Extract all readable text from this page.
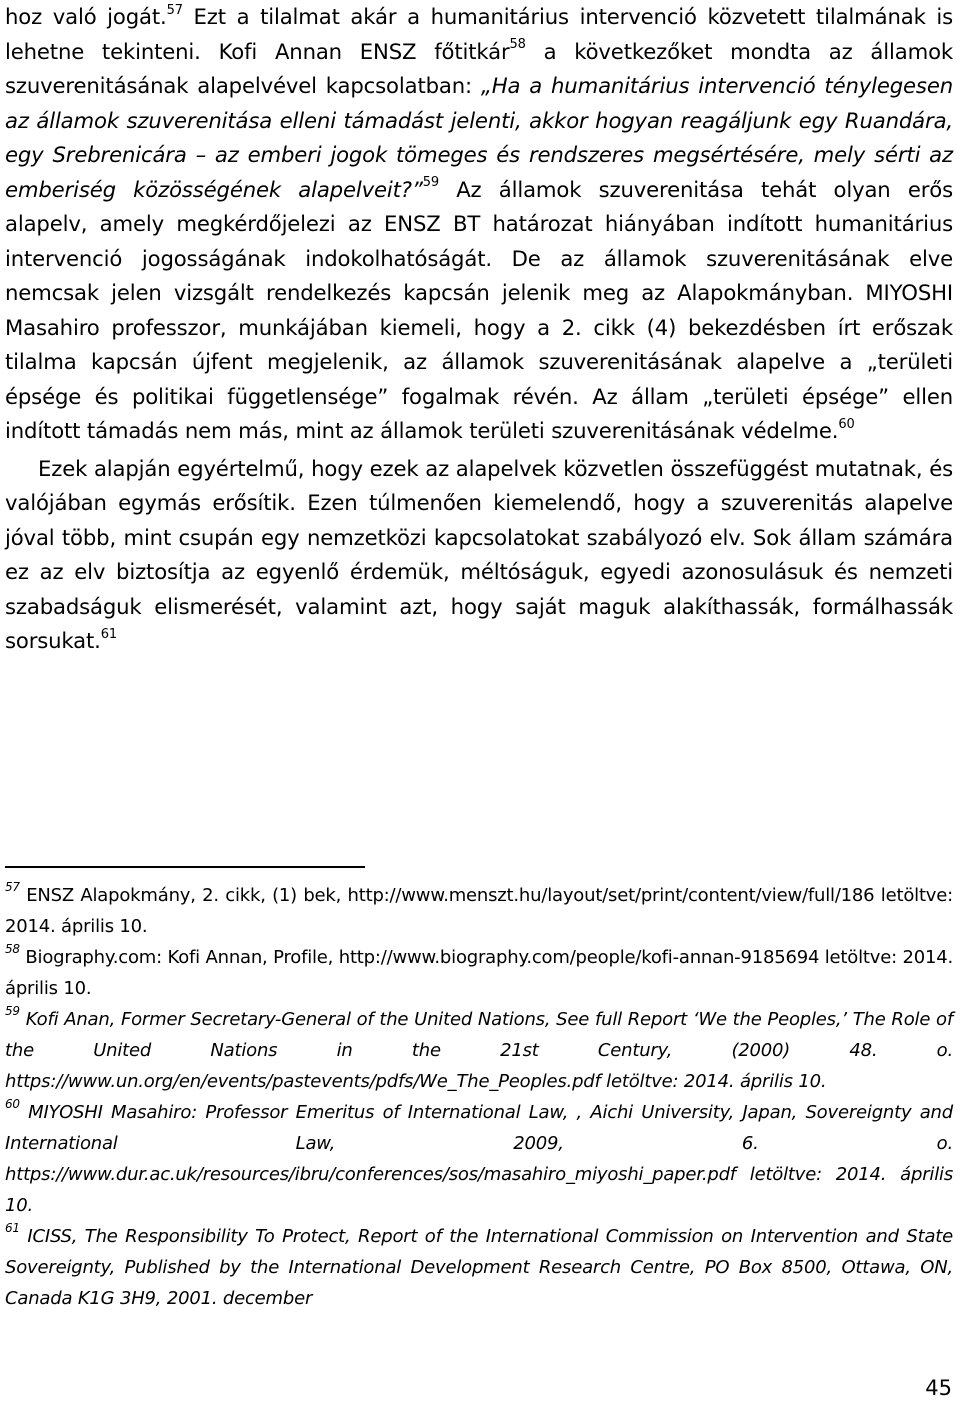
hoz való jogát.$^{57}$ Ezt a tilalmat akár a humanitárius intervenció közvetett tilalmának is lehetne tekinteni. Kofi Annan ENSZ főtitkár$^{58}$ a következőket mondta az államok szuverenitásának alapelvével kapcsolatban: „Ha a humanitárius intervenció ténylegesen az államok szuverenitása elleni támadást jelenti, akkor hogyan reagáljunk egy Ruandára, egy Srebrenicára – az emberi jogok tömeges és rendszeres megsértésére, mely sérti az emberiség közösségének alapelveit?”$^{59}$ Az államok szuverenitása tehát olyan erős alapelv, amely megkérdőjelezi az ENSZ BT határozat hiányában indított humanitárius intervenció jogosságának indokolhatóságát. De az államok szuverenitásának elve nemcsak jelen vizsgált rendelkezés kapcsán jelenik meg az Alapokmányban. MIYOSHI Masahiro professzor, munkájában kiemeli, hogy a 2. cikk (4) bekezdésben írt erőszak tilalma kapcsán újfent megjelenik, az államok szuverenitásának alapelve a „területi épsége és politikai függetlensége” fogalmak révén. Az állam „területi épsége” ellen indított támadás nem más, mint az államok területi szuverenitásának védelme.$^{60}$

Ezek alapján egyértelmű, hogy ezek az alapelvek közvetlen összefüggést mutatnak, és valójában egymás erősítik. Ezen túlmenően kiemelendő, hogy a szuverenitás alapelve jóval több, mint csupán egy nemzetközi kapcsolatokat szabályozó elv. Sok állam számára ez az elv biztosítja az egyenlő érdemük, méltóságuk, egyedi azonosulásuk és nemzeti szabadságuk elismerését, valamint azt, hogy saját maguk alakíthassák, formálhassák sorsukat.$^{61}$

$^{57}$ ENSZ Alapokmány, 2. cikk, (1) bek, http://www.menszt.hu/layout/set/print/content/view/full/186 letöltve: 2014. április 10.

$^{58}$ Biography.com: Kofi Annan, Profile, http://www.biography.com/people/kofi-annan-9185694 letöltve: 2014. április 10.

$^{59}$ Kofi Anan, Former Secretary-General of the United Nations, See full Report ‘We the Peoples,’ The Role of the United Nations in the 21st Century, (2000) 48. o. https://www.un.org/en/events/pastevents/pdfs/We_The_Peoples.pdf letöltve: 2014. április 10.

$^{60}$ MIYOSHI Masahiro: Professor Emeritus of International Law, , Aichi University, Japan, Sovereignty and International Law, 2009, 6. o. https://www.dur.ac.uk/resources/ibru/conferences/sos/masahiro_miyoshi_paper.pdf letöltve: 2014. április 10.

$^{61}$ ICISS, The Responsibility To Protect, Report of the International Commission on Intervention and State Sovereignty, Published by the International Development Research Centre, PO Box 8500, Ottawa, ON, Canada K1G 3H9, 2001. december

45
